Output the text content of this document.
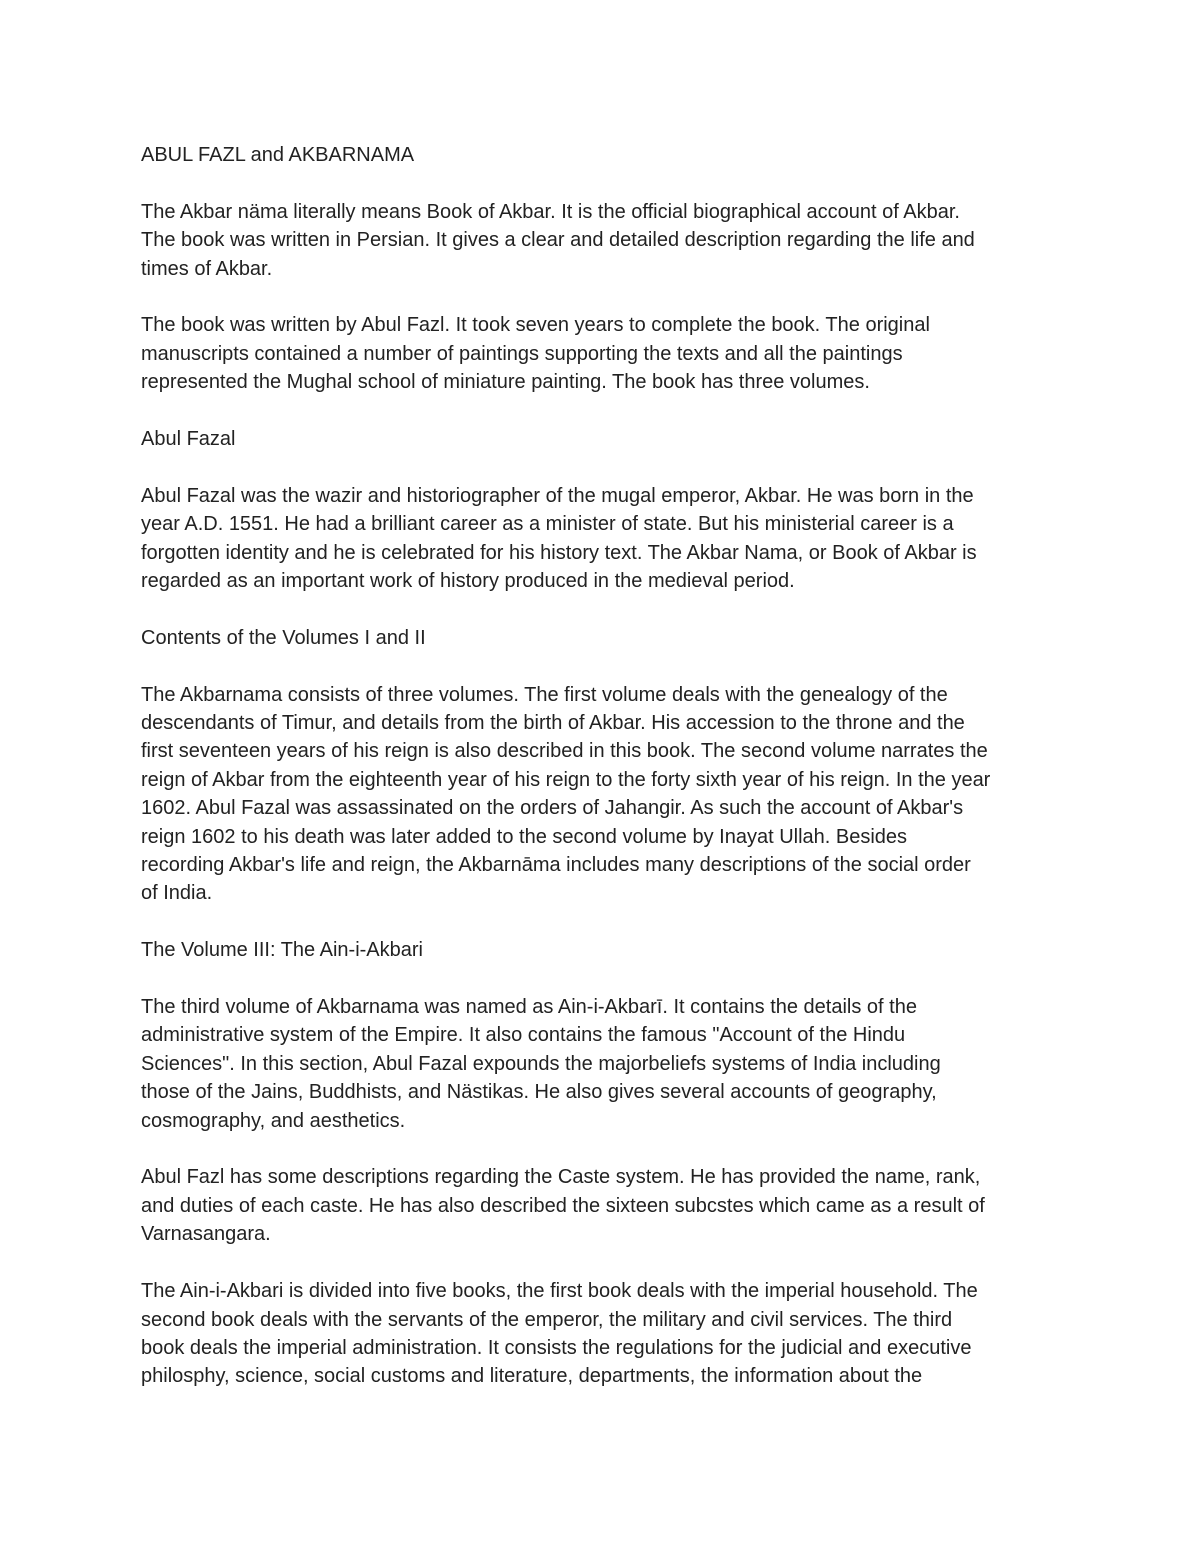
ABUL FAZL and AKBARNAMA

The Akbar näma literally means Book of Akbar. It is the official biographical account of Akbar.
The book was written in Persian. It gives a clear and detailed description regarding the life and
times of Akbar.

The book was written by Abul Fazl. It took seven years to complete the book. The original
manuscripts contained a number of paintings supporting the texts and all the paintings
represented the Mughal school of miniature painting. The book has three volumes.

Abul Fazal

Abul Fazal was the wazir and historiographer of the mugal emperor, Akbar. He was born in the
year A.D. 1551. He had a brilliant career as a minister of state. But his ministerial career is a
forgotten identity and he is celebrated for his history text. The Akbar Nama, or Book of Akbar is
regarded as an important work of history produced in the medieval period.

Contents of the Volumes I and II

The Akbarnama consists of three volumes. The first volume deals with the genealogy of the
descendants of Timur, and details from the birth of Akbar. His accession to the throne and the
first seventeen years of his reign is also described in this book. The second volume narrates the
reign of Akbar from the eighteenth year of his reign to the forty sixth year of his reign. In the year
1602. Abul Fazal was assassinated on the orders of Jahangir. As such the account of Akbar's
reign 1602 to his death was later added to the second volume by Inayat Ullah. Besides
recording Akbar's life and reign, the Akbarnāma includes many descriptions of the social order
of India.

The Volume III: The Ain-i-Akbari

The third volume of Akbarnama was named as Ain-i-Akbarī. It contains the details of the
administrative system of the Empire. It also contains the famous "Account of the Hindu
Sciences". In this section, Abul Fazal expounds the majorbeliefs systems of India including
those of the Jains, Buddhists, and Nästikas. He also gives several accounts of geography,
cosmography, and aesthetics.

Abul Fazl has some descriptions regarding the Caste system. He has provided the name, rank,
and duties of each caste. He has also described the sixteen subcstes which came as a result of
Varnasangara.

The Ain-i-Akbari is divided into five books, the first book deals with the imperial household. The
second book deals with the servants of the emperor, the military and civil services. The third
book deals the imperial administration. It consists the regulations for the judicial and executive
philosphy, science, social customs and literature, departments, the information about the
